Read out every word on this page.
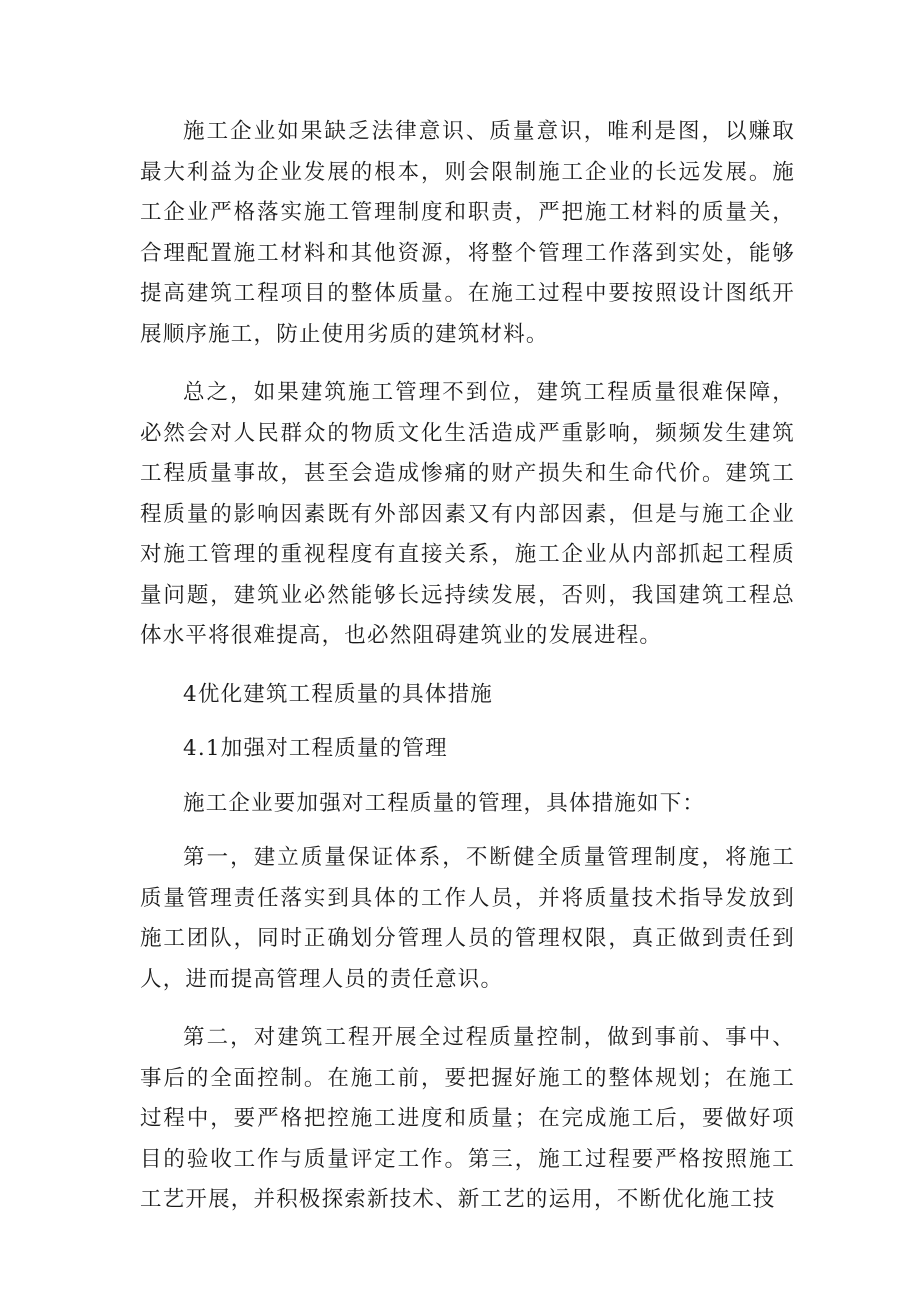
施工企业如果缺乏法律意识、质量意识，唯利是图，以赚取最大利益为企业发展的根本，则会限制施工企业的长远发展。施工企业严格落实施工管理制度和职责，严把施工材料的质量关，合理配置施工材料和其他资源，将整个管理工作落到实处，能够提高建筑工程项目的整体质量。在施工过程中要按照设计图纸开展顺序施工，防止使用劣质的建筑材料。

总之，如果建筑施工管理不到位，建筑工程质量很难保障，必然会对人民群众的物质文化生活造成严重影响，频频发生建筑工程质量事故，甚至会造成惨痛的财产损失和生命代价。建筑工程质量的影响因素既有外部因素又有内部因素，但是与施工企业对施工管理的重视程度有直接关系，施工企业从内部抓起工程质量问题，建筑业必然能够长远持续发展，否则，我国建筑工程总体水平将很难提高，也必然阻碍建筑业的发展进程。

4优化建筑工程质量的具体措施

4.1加强对工程质量的管理

施工企业要加强对工程质量的管理，具体措施如下：

第一，建立质量保证体系，不断健全质量管理制度，将施工质量管理责任落实到具体的工作人员，并将质量技术指导发放到施工团队，同时正确划分管理人员的管理权限，真正做到责任到人，进而提高管理人员的责任意识。

第二，对建筑工程开展全过程质量控制，做到事前、事中、事后的全面控制。在施工前，要把握好施工的整体规划；在施工过程中，要严格把控施工进度和质量；在完成施工后，要做好项目的验收工作与质量评定工作。第三，施工过程要严格按照施工工艺开展，并积极探索新技术、新工艺的运用，不断优化施工技
